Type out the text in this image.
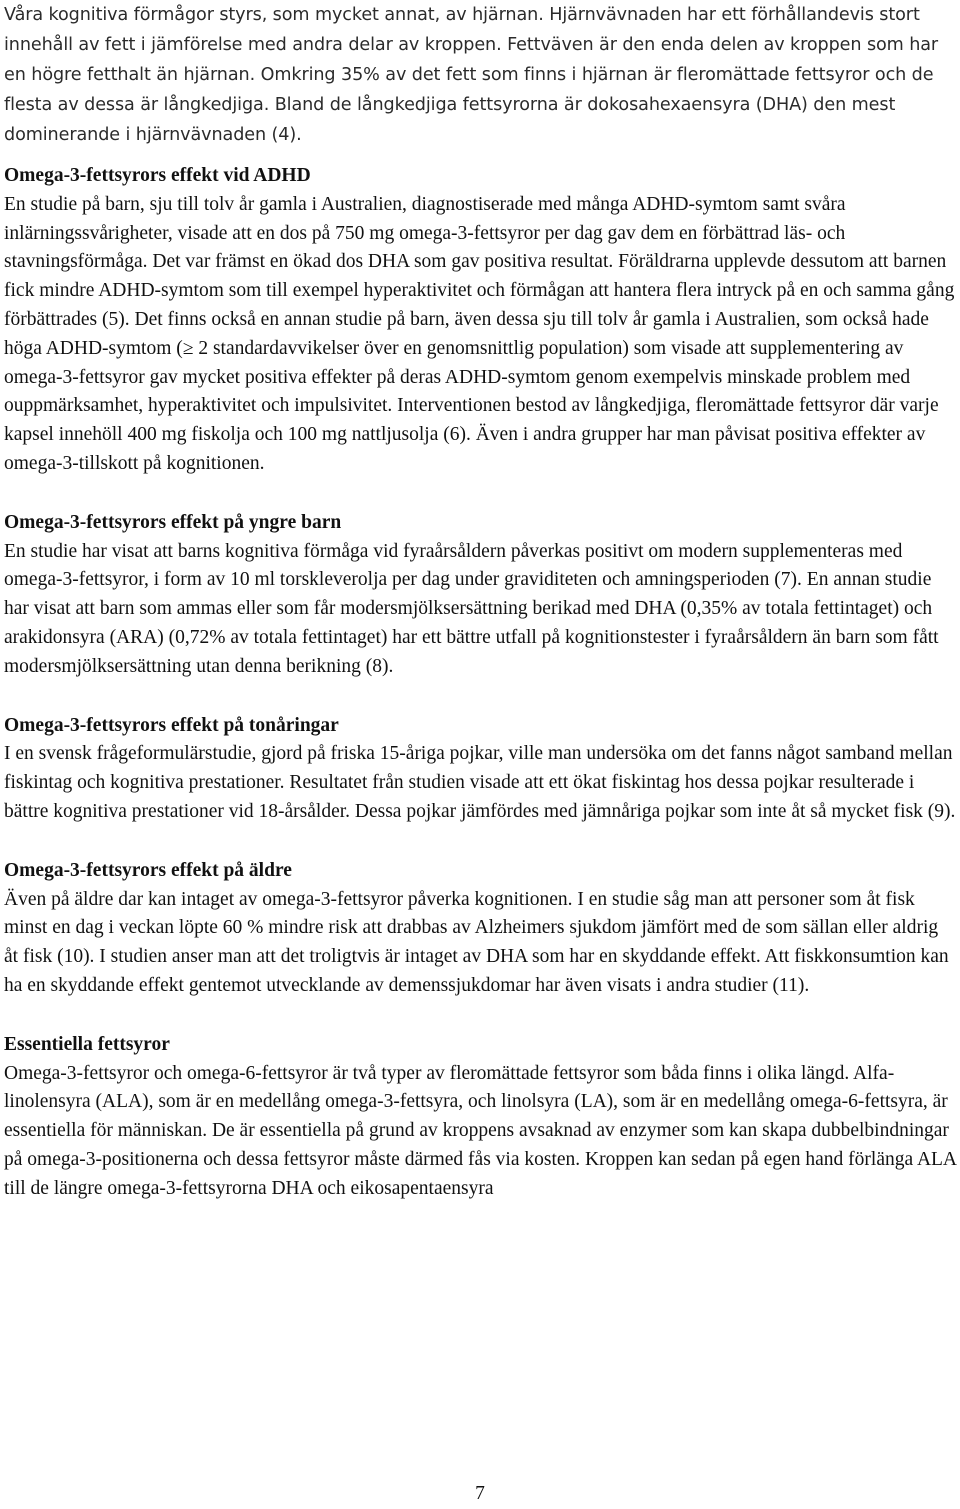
Våra kognitiva förmågor styrs, som mycket annat, av hjärnan. Hjärnvävnaden har ett förhållandevis stort innehåll av fett i jämförelse med andra delar av kroppen. Fettväven är den enda delen av kroppen som har en högre fetthalt än hjärnan. Omkring 35% av det fett som finns i hjärnan är fleromättade fettsyror och de flesta av dessa är långkedjiga. Bland de långkedjiga fettsyrorna är dokosahexaensyra (DHA) den mest dominerande i hjärnvävnaden (4).

Omega-3-fettsyrors effekt vid ADHD

En studie på barn, sju till tolv år gamla i Australien, diagnostiserade med många ADHD-symtom samt svåra inlärningssvårigheter, visade att en dos på 750 mg omega-3-fettsyror per dag gav dem en förbättrad läs- och stavningsförmåga. Det var främst en ökad dos DHA som gav positiva resultat. Föräldrarna upplevde dessutom att barnen fick mindre ADHD-symtom som till exempel hyperaktivitet och förmågan att hantera flera intryck på en och samma gång förbättrades (5). Det finns också en annan studie på barn, även dessa sju till tolv år gamla i Australien, som också hade höga ADHD-symtom (≥ 2 standardavvikelser över en genomsnittlig population) som visade att supplementering av omega-3-fettsyror gav mycket positiva effekter på deras ADHD-symtom genom exempelvis minskade problem med ouppmärksamhet, hyperaktivitet och impulsivitet. Interventionen bestod av långkedjiga, fleromättade fettsyror där varje kapsel innehöll 400 mg fiskolja och 100 mg nattljusolja (6). Även i andra grupper har man påvisat positiva effekter av omega-3-tillskott på kognitionen.

Omega-3-fettsyrors effekt på yngre barn

En studie har visat att barns kognitiva förmåga vid fyraårsåldern påverkas positivt om modern supplementeras med omega-3-fettsyror, i form av 10 ml torskleverolja per dag under graviditeten och amningsperioden (7). En annan studie har visat att barn som ammas eller som får modersmjölksersättning berikad med DHA (0,35% av totala fettintaget) och arakidonsyra (ARA) (0,72% av totala fettintaget) har ett bättre utfall på kognitionstester i fyraårsåldern än barn som fått modersmjölksersättning utan denna berikning (8).

Omega-3-fettsyrors effekt på tonåringar

I en svensk frågeformulärstudie, gjord på friska 15-åriga pojkar, ville man undersöka om det fanns något samband mellan fiskintag och kognitiva prestationer. Resultatet från studien visade att ett ökat fiskintag hos dessa pojkar resulterade i bättre kognitiva prestationer vid 18-årsålder. Dessa pojkar jämfördes med jämnåriga pojkar som inte åt så mycket fisk (9).

Omega-3-fettsyrors effekt på äldre

Även på äldre dar kan intaget av omega-3-fettsyror påverka kognitionen. I en studie såg man att personer som åt fisk minst en dag i veckan löpte 60 % mindre risk att drabbas av Alzheimers sjukdom jämfört med de som sällan eller aldrig åt fisk (10). I studien anser man att det troligtvis är intaget av DHA som har en skyddande effekt. Att fiskkonsumtion kan ha en skyddande effekt gentemot utvecklande av demenssjukdomar har även visats i andra studier (11).

Essentiella fettsyror

Omega-3-fettsyror och omega-6-fettsyror är två typer av fleromättade fettsyror som båda finns i olika längd. Alfa-linolensyra (ALA), som är en medellång omega-3-fettsyra, och linolsyra (LA), som är en medellång omega-6-fettsyra, är essentiella för människan. De är essentiella på grund av kroppens avsaknad av enzymer som kan skapa dubbelbindningar på omega-3-positionerna och dessa fettsyror måste därmed fås via kosten. Kroppen kan sedan på egen hand förlänga ALA till de längre omega-3-fettsyrorna DHA och eikosapentaensyra

7
